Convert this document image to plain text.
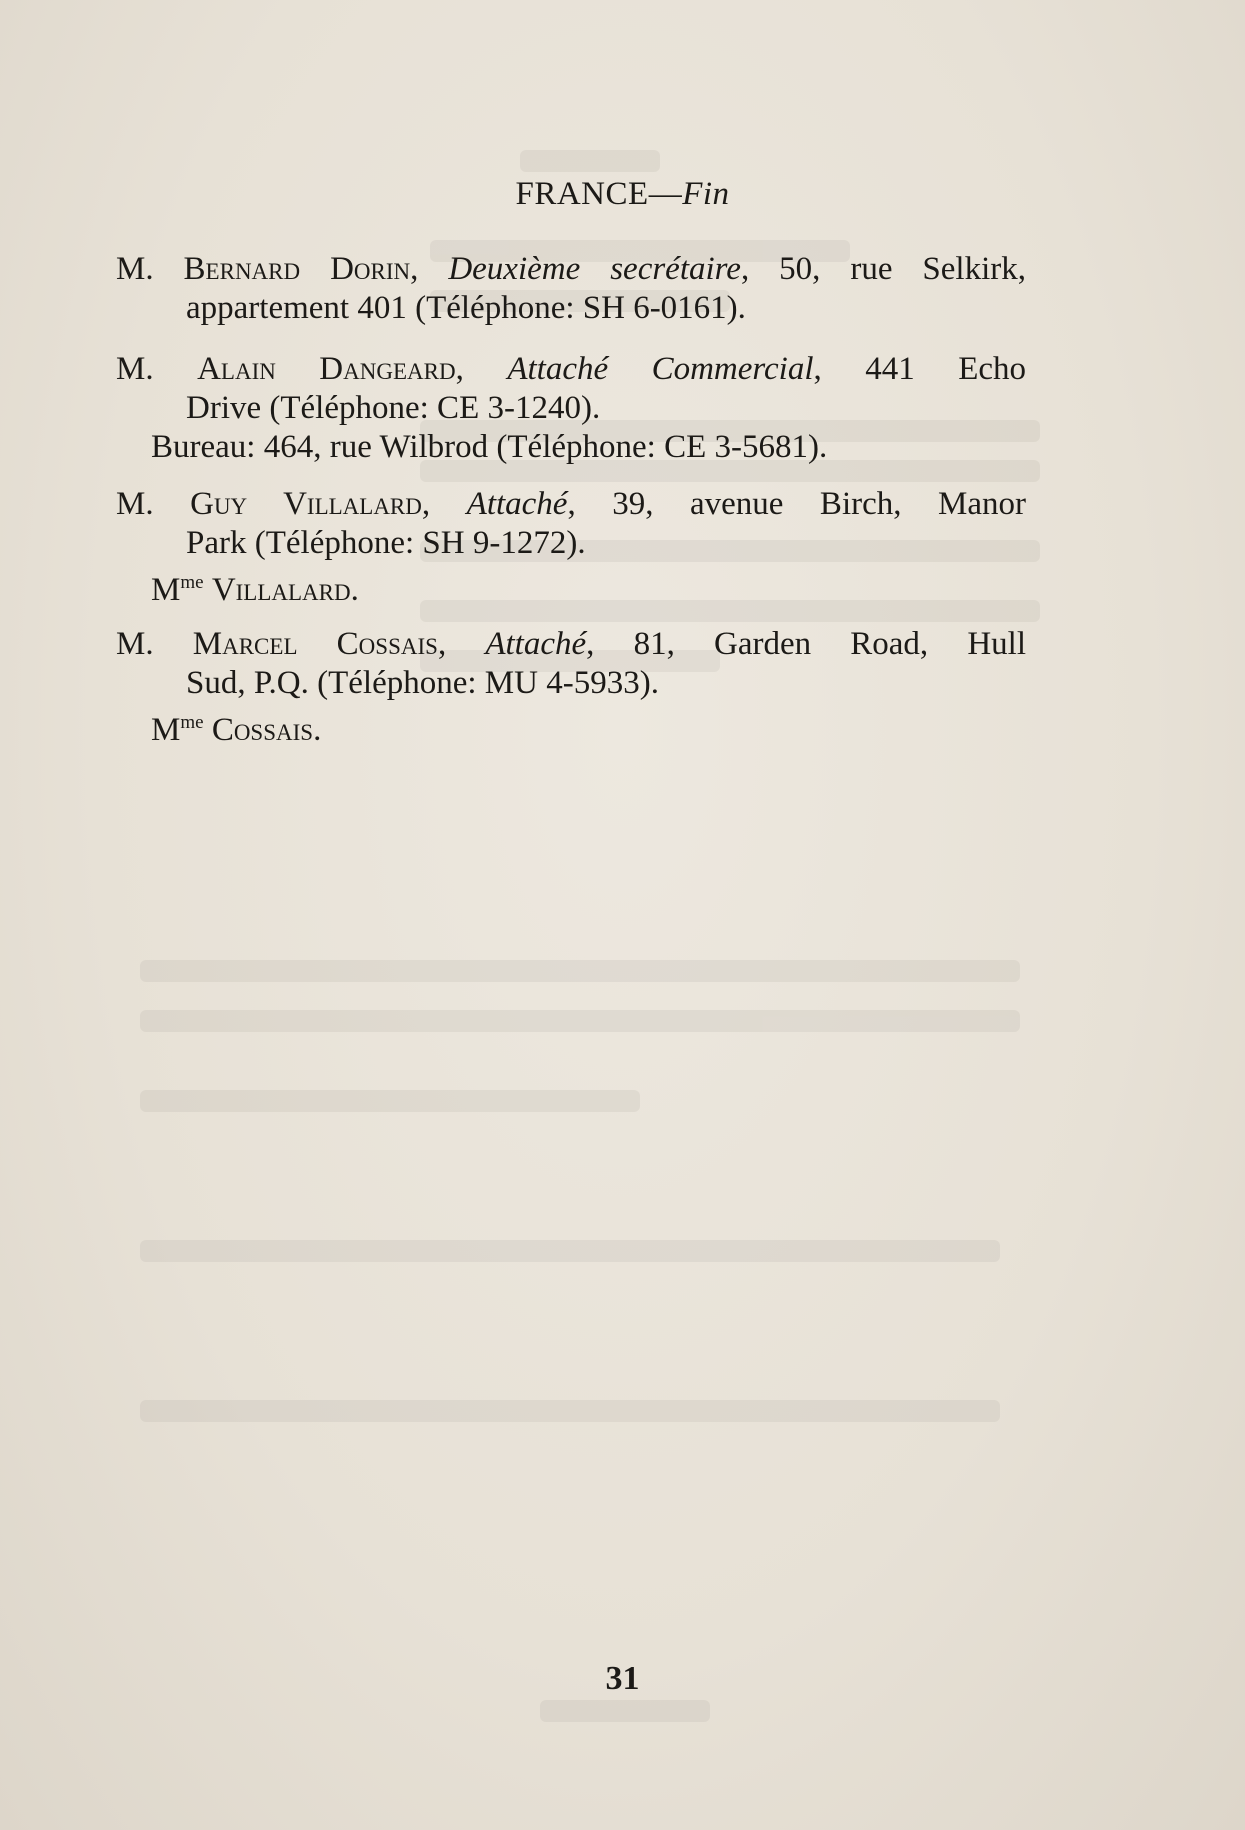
FRANCE—Fin

M. Bernard Dorin, Deuxième secrétaire, 50, rue Selkirk,

appartement 401 (Téléphone: SH 6-0161).

M. Alain Dangeard, Attaché Commercial, 441 Echo

Drive (Téléphone: CE 3-1240).

Bureau: 464, rue Wilbrod (Téléphone: CE 3-5681).

M. Guy Villalard, Attaché, 39, avenue Birch, Manor

Park (Téléphone: SH 9-1272).

$M^{me}$ Villalard.

M. Marcel Cossais, Attaché, 81, Garden Road, Hull

Sud, P.Q. (Téléphone: MU 4-5933).

$M^{me}$ Cossais.

31
